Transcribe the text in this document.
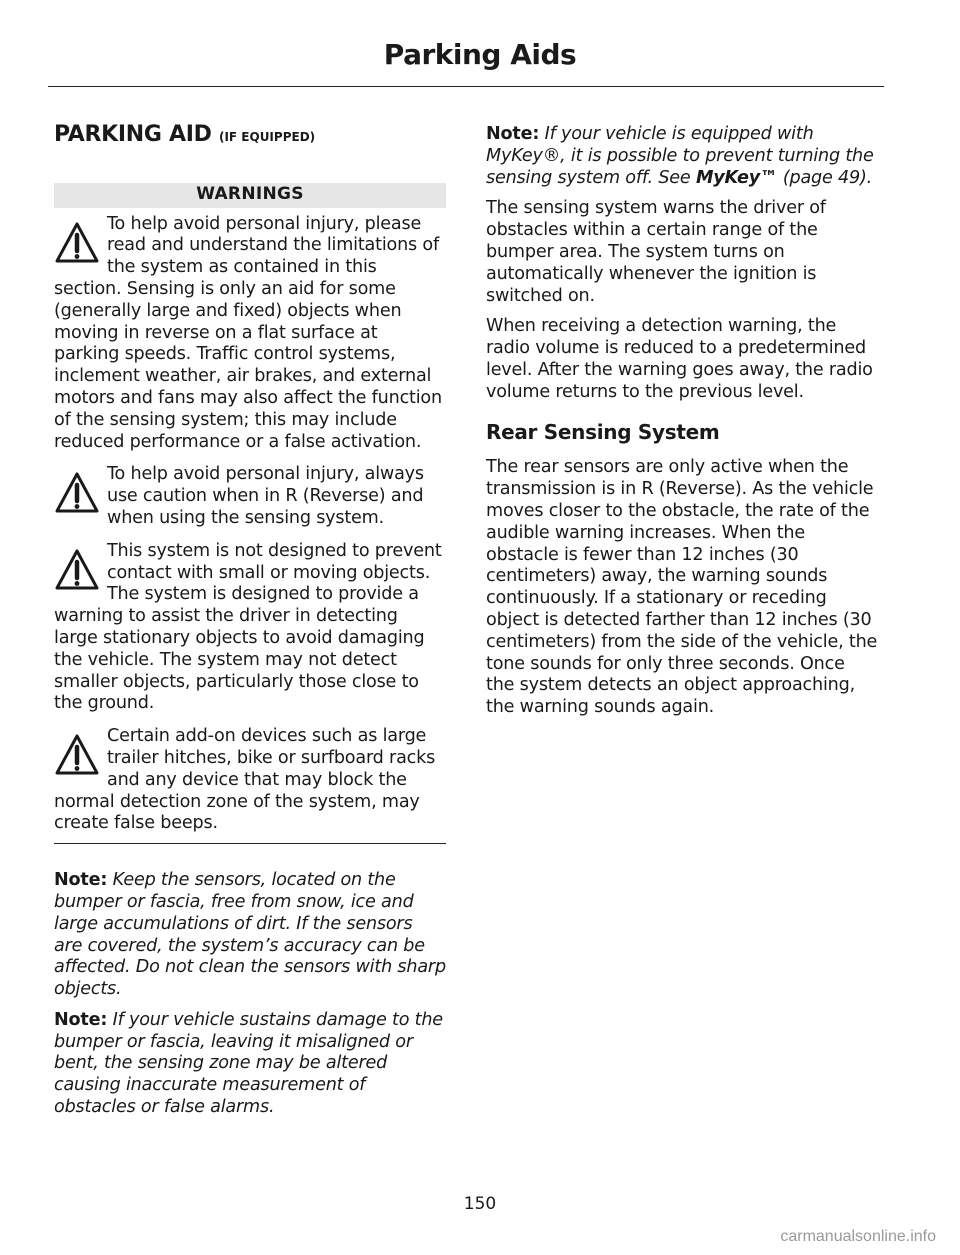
Parking Aids
PARKING AID (IF EQUIPPED)
WARNINGS
To help avoid personal injury, please read and understand the limitations of the system as contained in this section. Sensing is only an aid for some (generally large and fixed) objects when moving in reverse on a flat surface at parking speeds. Traffic control systems, inclement weather, air brakes, and external motors and fans may also affect the function of the sensing system; this may include reduced performance or a false activation.
To help avoid personal injury, always use caution when in R (Reverse) and when using the sensing system.
This system is not designed to prevent contact with small or moving objects. The system is designed to provide a warning to assist the driver in detecting large stationary objects to avoid damaging the vehicle. The system may not detect smaller objects, particularly those close to the ground.
Certain add-on devices such as large trailer hitches, bike or surfboard racks and any device that may block the normal detection zone of the system, may create false beeps.

Note: Keep the sensors, located on the bumper or fascia, free from snow, ice and large accumulations of dirt. If the sensors are covered, the system’s accuracy can be affected. Do not clean the sensors with sharp objects.

Note: If your vehicle sustains damage to the bumper or fascia, leaving it misaligned or bent, the sensing zone may be altered causing inaccurate measurement of obstacles or false alarms.

Note: If your vehicle is equipped with MyKey®, it is possible to prevent turning the sensing system off. See MyKey™ (page 49).

The sensing system warns the driver of obstacles within a certain range of the bumper area. The system turns on automatically whenever the ignition is switched on.

When receiving a detection warning, the radio volume is reduced to a predetermined level. After the warning goes away, the radio volume returns to the previous level.

Rear Sensing System

The rear sensors are only active when the transmission is in R (Reverse). As the vehicle moves closer to the obstacle, the rate of the audible warning increases. When the obstacle is fewer than 12 inches (30 centimeters) away, the warning sounds continuously. If a stationary or receding object is detected farther than 12 inches (30 centimeters) from the side of the vehicle, the tone sounds for only three seconds. Once the system detects an object approaching, the warning sounds again.

150
carmanualsonline.info
